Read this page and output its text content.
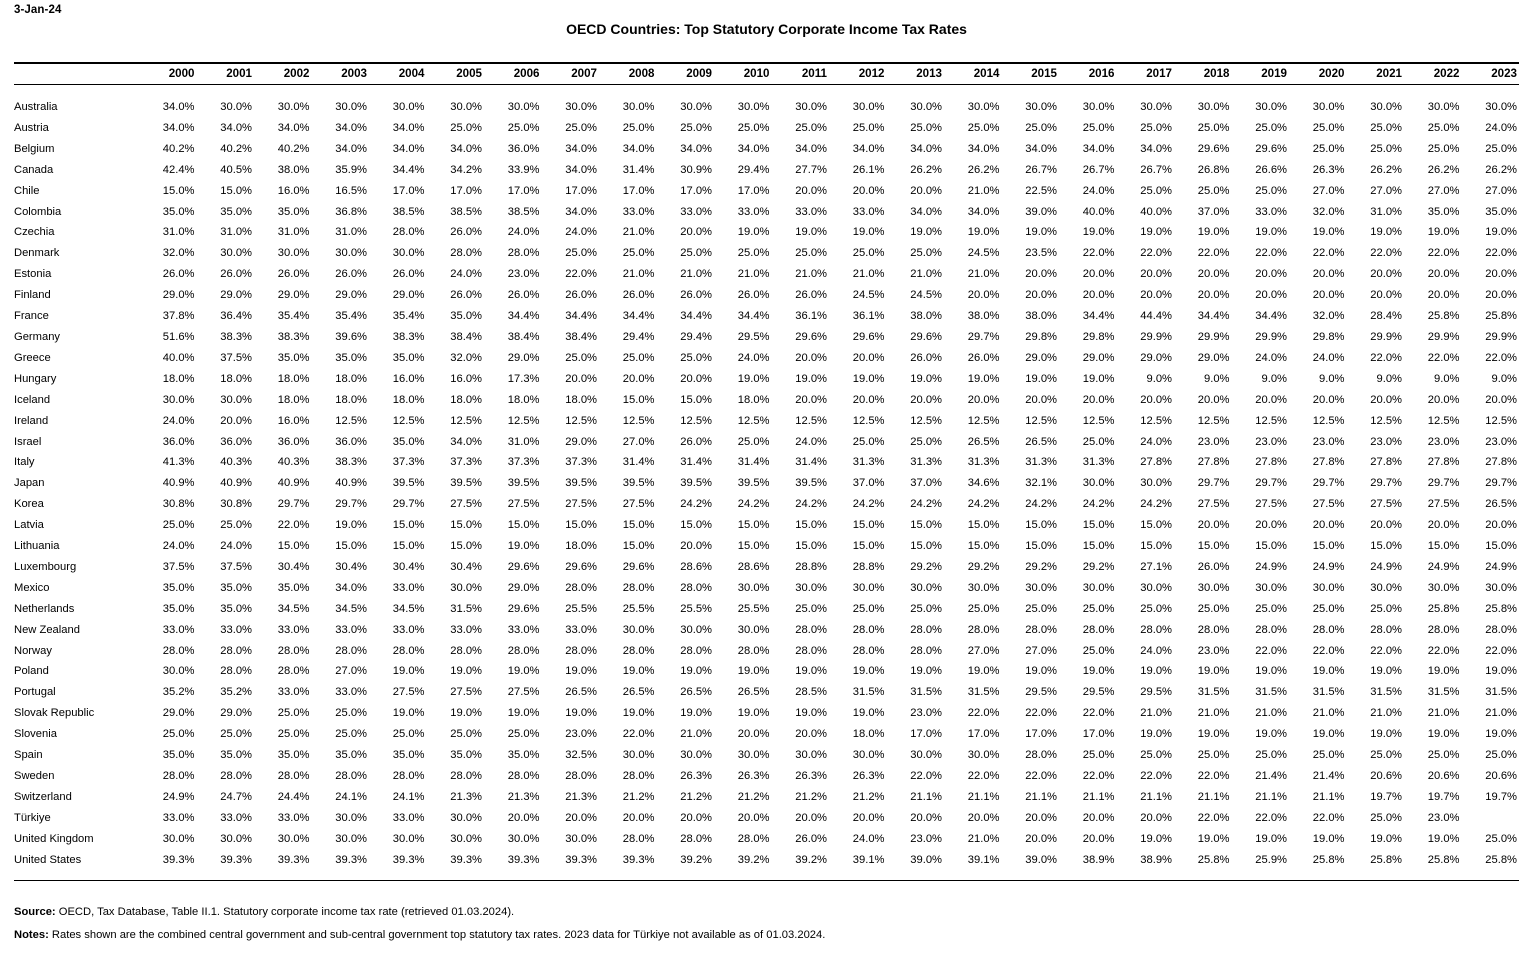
3-Jan-24
OECD Countries: Top Statutory Corporate Income Tax Rates

	2000	2001	2002	2003	2004	2005	2006	2007	2008	2009	2010	2011	2012	2013	2014	2015	2016	2017	2018	2019	2020	2021	2022	2023

Australia	34.0%	30.0%	30.0%	30.0%	30.0%	30.0%	30.0%	30.0%	30.0%	30.0%	30.0%	30.0%	30.0%	30.0%	30.0%	30.0%	30.0%	30.0%	30.0%	30.0%	30.0%	30.0%	30.0%	30.0%
Austria	34.0%	34.0%	34.0%	34.0%	34.0%	25.0%	25.0%	25.0%	25.0%	25.0%	25.0%	25.0%	25.0%	25.0%	25.0%	25.0%	25.0%	25.0%	25.0%	25.0%	25.0%	25.0%	25.0%	24.0%
Belgium	40.2%	40.2%	40.2%	34.0%	34.0%	34.0%	36.0%	34.0%	34.0%	34.0%	34.0%	34.0%	34.0%	34.0%	34.0%	34.0%	34.0%	34.0%	29.6%	29.6%	25.0%	25.0%	25.0%	25.0%
Canada	42.4%	40.5%	38.0%	35.9%	34.4%	34.2%	33.9%	34.0%	31.4%	30.9%	29.4%	27.7%	26.1%	26.2%	26.2%	26.7%	26.7%	26.7%	26.8%	26.6%	26.3%	26.2%	26.2%	26.2%
Chile	15.0%	15.0%	16.0%	16.5%	17.0%	17.0%	17.0%	17.0%	17.0%	17.0%	17.0%	20.0%	20.0%	20.0%	21.0%	22.5%	24.0%	25.0%	25.0%	25.0%	27.0%	27.0%	27.0%	27.0%
Colombia	35.0%	35.0%	35.0%	36.8%	38.5%	38.5%	38.5%	34.0%	33.0%	33.0%	33.0%	33.0%	33.0%	34.0%	34.0%	39.0%	40.0%	40.0%	37.0%	33.0%	32.0%	31.0%	35.0%	35.0%
Czechia	31.0%	31.0%	31.0%	31.0%	28.0%	26.0%	24.0%	24.0%	21.0%	20.0%	19.0%	19.0%	19.0%	19.0%	19.0%	19.0%	19.0%	19.0%	19.0%	19.0%	19.0%	19.0%	19.0%	19.0%
Denmark	32.0%	30.0%	30.0%	30.0%	30.0%	28.0%	28.0%	25.0%	25.0%	25.0%	25.0%	25.0%	25.0%	25.0%	24.5%	23.5%	22.0%	22.0%	22.0%	22.0%	22.0%	22.0%	22.0%	22.0%
Estonia	26.0%	26.0%	26.0%	26.0%	26.0%	24.0%	23.0%	22.0%	21.0%	21.0%	21.0%	21.0%	21.0%	21.0%	21.0%	20.0%	20.0%	20.0%	20.0%	20.0%	20.0%	20.0%	20.0%	20.0%
Finland	29.0%	29.0%	29.0%	29.0%	29.0%	26.0%	26.0%	26.0%	26.0%	26.0%	26.0%	26.0%	24.5%	24.5%	20.0%	20.0%	20.0%	20.0%	20.0%	20.0%	20.0%	20.0%	20.0%	20.0%
France	37.8%	36.4%	35.4%	35.4%	35.4%	35.0%	34.4%	34.4%	34.4%	34.4%	34.4%	36.1%	36.1%	38.0%	38.0%	38.0%	34.4%	44.4%	34.4%	34.4%	32.0%	28.4%	25.8%	25.8%
Germany	51.6%	38.3%	38.3%	39.6%	38.3%	38.4%	38.4%	38.4%	29.4%	29.4%	29.5%	29.6%	29.6%	29.6%	29.7%	29.8%	29.8%	29.9%	29.9%	29.9%	29.8%	29.9%	29.9%	29.9%
Greece	40.0%	37.5%	35.0%	35.0%	35.0%	32.0%	29.0%	25.0%	25.0%	25.0%	24.0%	20.0%	20.0%	26.0%	26.0%	29.0%	29.0%	29.0%	29.0%	24.0%	24.0%	22.0%	22.0%	22.0%
Hungary	18.0%	18.0%	18.0%	18.0%	16.0%	16.0%	17.3%	20.0%	20.0%	20.0%	19.0%	19.0%	19.0%	19.0%	19.0%	19.0%	19.0%	9.0%	9.0%	9.0%	9.0%	9.0%	9.0%	9.0%
Iceland	30.0%	30.0%	18.0%	18.0%	18.0%	18.0%	18.0%	18.0%	15.0%	15.0%	18.0%	20.0%	20.0%	20.0%	20.0%	20.0%	20.0%	20.0%	20.0%	20.0%	20.0%	20.0%	20.0%	20.0%
Ireland	24.0%	20.0%	16.0%	12.5%	12.5%	12.5%	12.5%	12.5%	12.5%	12.5%	12.5%	12.5%	12.5%	12.5%	12.5%	12.5%	12.5%	12.5%	12.5%	12.5%	12.5%	12.5%	12.5%	12.5%
Israel	36.0%	36.0%	36.0%	36.0%	35.0%	34.0%	31.0%	29.0%	27.0%	26.0%	25.0%	24.0%	25.0%	25.0%	26.5%	26.5%	25.0%	24.0%	23.0%	23.0%	23.0%	23.0%	23.0%	23.0%
Italy	41.3%	40.3%	40.3%	38.3%	37.3%	37.3%	37.3%	37.3%	31.4%	31.4%	31.4%	31.4%	31.3%	31.3%	31.3%	31.3%	31.3%	27.8%	27.8%	27.8%	27.8%	27.8%	27.8%	27.8%
Japan	40.9%	40.9%	40.9%	40.9%	39.5%	39.5%	39.5%	39.5%	39.5%	39.5%	39.5%	39.5%	37.0%	37.0%	34.6%	32.1%	30.0%	30.0%	29.7%	29.7%	29.7%	29.7%	29.7%	29.7%
Korea	30.8%	30.8%	29.7%	29.7%	29.7%	27.5%	27.5%	27.5%	27.5%	24.2%	24.2%	24.2%	24.2%	24.2%	24.2%	24.2%	24.2%	24.2%	27.5%	27.5%	27.5%	27.5%	27.5%	26.5%
Latvia	25.0%	25.0%	22.0%	19.0%	15.0%	15.0%	15.0%	15.0%	15.0%	15.0%	15.0%	15.0%	15.0%	15.0%	15.0%	15.0%	15.0%	15.0%	20.0%	20.0%	20.0%	20.0%	20.0%	20.0%
Lithuania	24.0%	24.0%	15.0%	15.0%	15.0%	15.0%	19.0%	18.0%	15.0%	20.0%	15.0%	15.0%	15.0%	15.0%	15.0%	15.0%	15.0%	15.0%	15.0%	15.0%	15.0%	15.0%	15.0%	15.0%
Luxembourg	37.5%	37.5%	30.4%	30.4%	30.4%	30.4%	29.6%	29.6%	29.6%	28.6%	28.6%	28.8%	28.8%	29.2%	29.2%	29.2%	29.2%	27.1%	26.0%	24.9%	24.9%	24.9%	24.9%	24.9%
Mexico	35.0%	35.0%	35.0%	34.0%	33.0%	30.0%	29.0%	28.0%	28.0%	28.0%	30.0%	30.0%	30.0%	30.0%	30.0%	30.0%	30.0%	30.0%	30.0%	30.0%	30.0%	30.0%	30.0%	30.0%
Netherlands	35.0%	35.0%	34.5%	34.5%	34.5%	31.5%	29.6%	25.5%	25.5%	25.5%	25.5%	25.0%	25.0%	25.0%	25.0%	25.0%	25.0%	25.0%	25.0%	25.0%	25.0%	25.0%	25.8%	25.8%
New Zealand	33.0%	33.0%	33.0%	33.0%	33.0%	33.0%	33.0%	33.0%	30.0%	30.0%	30.0%	28.0%	28.0%	28.0%	28.0%	28.0%	28.0%	28.0%	28.0%	28.0%	28.0%	28.0%	28.0%	28.0%
Norway	28.0%	28.0%	28.0%	28.0%	28.0%	28.0%	28.0%	28.0%	28.0%	28.0%	28.0%	28.0%	28.0%	28.0%	27.0%	27.0%	25.0%	24.0%	23.0%	22.0%	22.0%	22.0%	22.0%	22.0%
Poland	30.0%	28.0%	28.0%	27.0%	19.0%	19.0%	19.0%	19.0%	19.0%	19.0%	19.0%	19.0%	19.0%	19.0%	19.0%	19.0%	19.0%	19.0%	19.0%	19.0%	19.0%	19.0%	19.0%	19.0%
Portugal	35.2%	35.2%	33.0%	33.0%	27.5%	27.5%	27.5%	26.5%	26.5%	26.5%	26.5%	28.5%	31.5%	31.5%	31.5%	29.5%	29.5%	29.5%	31.5%	31.5%	31.5%	31.5%	31.5%	31.5%
Slovak Republic	29.0%	29.0%	25.0%	25.0%	19.0%	19.0%	19.0%	19.0%	19.0%	19.0%	19.0%	19.0%	19.0%	23.0%	22.0%	22.0%	22.0%	21.0%	21.0%	21.0%	21.0%	21.0%	21.0%	21.0%
Slovenia	25.0%	25.0%	25.0%	25.0%	25.0%	25.0%	25.0%	23.0%	22.0%	21.0%	20.0%	20.0%	18.0%	17.0%	17.0%	17.0%	17.0%	19.0%	19.0%	19.0%	19.0%	19.0%	19.0%	19.0%
Spain	35.0%	35.0%	35.0%	35.0%	35.0%	35.0%	35.0%	32.5%	30.0%	30.0%	30.0%	30.0%	30.0%	30.0%	30.0%	28.0%	25.0%	25.0%	25.0%	25.0%	25.0%	25.0%	25.0%	25.0%
Sweden	28.0%	28.0%	28.0%	28.0%	28.0%	28.0%	28.0%	28.0%	28.0%	26.3%	26.3%	26.3%	26.3%	22.0%	22.0%	22.0%	22.0%	22.0%	22.0%	21.4%	21.4%	20.6%	20.6%	20.6%
Switzerland	24.9%	24.7%	24.4%	24.1%	24.1%	21.3%	21.3%	21.3%	21.2%	21.2%	21.2%	21.2%	21.2%	21.1%	21.1%	21.1%	21.1%	21.1%	21.1%	21.1%	21.1%	19.7%	19.7%	19.7%
Türkiye	33.0%	33.0%	33.0%	30.0%	33.0%	30.0%	20.0%	20.0%	20.0%	20.0%	20.0%	20.0%	20.0%	20.0%	20.0%	20.0%	20.0%	20.0%	22.0%	22.0%	22.0%	25.0%	23.0%	
United Kingdom	30.0%	30.0%	30.0%	30.0%	30.0%	30.0%	30.0%	30.0%	28.0%	28.0%	28.0%	26.0%	24.0%	23.0%	21.0%	20.0%	20.0%	19.0%	19.0%	19.0%	19.0%	19.0%	19.0%	25.0%
United States	39.3%	39.3%	39.3%	39.3%	39.3%	39.3%	39.3%	39.3%	39.3%	39.2%	39.2%	39.2%	39.1%	39.0%	39.1%	39.0%	38.9%	38.9%	25.8%	25.9%	25.8%	25.8%	25.8%	25.8%

Source: OECD, Tax Database, Table II.1. Statutory corporate income tax rate (retrieved 01.03.2024).
Notes: Rates shown are the combined central government and sub-central government top statutory tax rates. 2023 data for Türkiye not available as of 01.03.2024.
